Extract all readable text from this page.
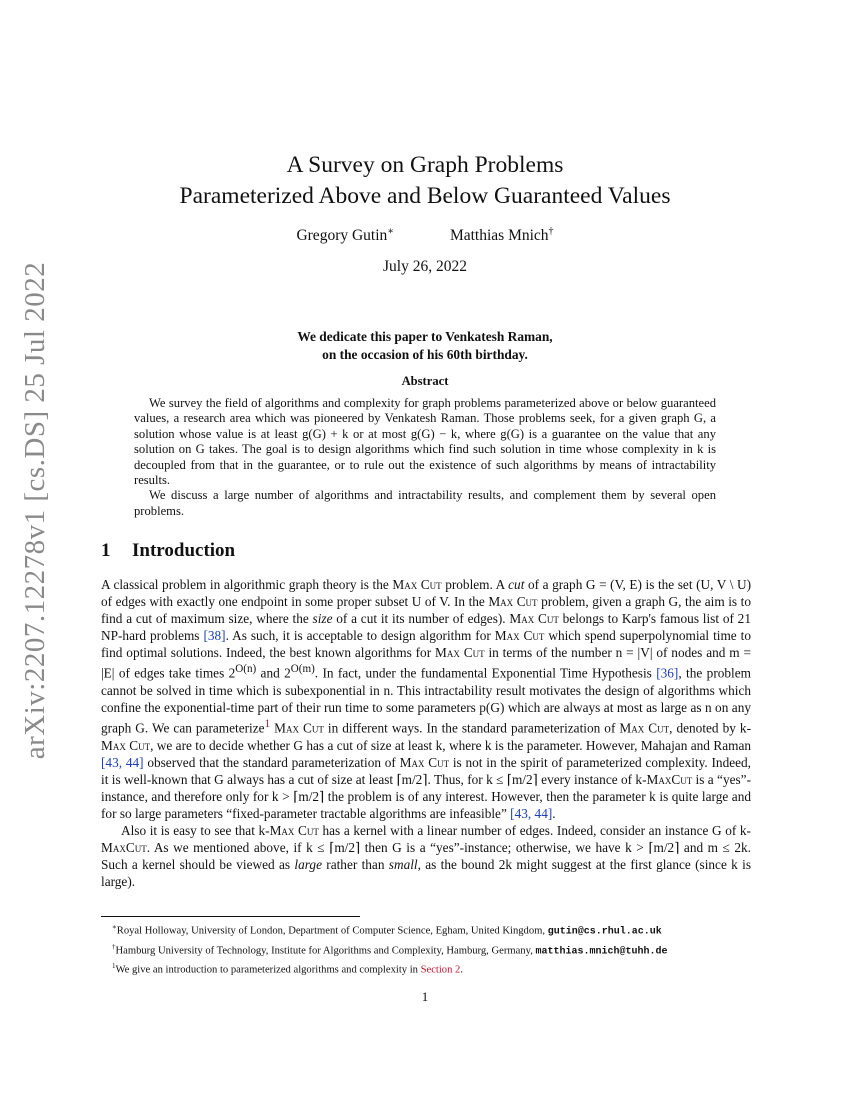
arXiv:2207.12278v1 [cs.DS] 25 Jul 2022
A Survey on Graph Problems
Parameterized Above and Below Guaranteed Values
Gregory Gutin∗	Matthias Mnich†
July 26, 2022
We dedicate this paper to Venkatesh Raman,
on the occasion of his 60th birthday.
Abstract

We survey the field of algorithms and complexity for graph problems parameterized above or below guaranteed values, a research area which was pioneered by Venkatesh Raman. Those problems seek, for a given graph G, a solution whose value is at least g(G) + k or at most g(G) − k, where g(G) is a guarantee on the value that any solution on G takes. The goal is to design algorithms which find such solution in time whose complexity in k is decoupled from that in the guarantee, or to rule out the existence of such algorithms by means of intractability results.

We discuss a large number of algorithms and intractability results, and complement them by several open problems.

1 Introduction

A classical problem in algorithmic graph theory is the Max Cut problem. A cut of a graph G = (V, E) is the set (U, V \ U) of edges with exactly one endpoint in some proper subset U of V. In the Max Cut problem, given a graph G, the aim is to find a cut of maximum size, where the size of a cut it its number of edges). Max Cut belongs to Karp's famous list of 21 NP-hard problems [38]. As such, it is acceptable to design algorithm for Max Cut which spend superpolynomial time to find optimal solutions. Indeed, the best known algorithms for Max Cut in terms of the number n = |V| of nodes and m = |E| of edges take times $2^{O(n)}$ and $2^{O(m)}$. In fact, under the fundamental Exponential Time Hypothesis [36], the problem cannot be solved in time which is subexponential in n. This intractability result motivates the design of algorithms which confine the exponential-time part of their run time to some parameters p(G) which are always at most as large as n on any graph G. We can parameterize$^1$ Max Cut in different ways. In the standard parameterization of Max Cut, denoted by k-Max Cut, we are to decide whether G has a cut of size at least k, where k is the parameter. However, Mahajan and Raman [43, 44] observed that the standard parameterization of Max Cut is not in the spirit of parameterized complexity. Indeed, it is well-known that G always has a cut of size at least ⌈m/2⌉. Thus, for k ≤ ⌈m/2⌉ every instance of k-MaxCut is a “yes”-instance, and therefore only for k > ⌈m/2⌉ the problem is of any interest. However, then the parameter k is quite large and for so large parameters “fixed-parameter tractable algorithms are infeasible” [43, 44].

Also it is easy to see that k-Max Cut has a kernel with a linear number of edges. Indeed, consider an instance G of k-MaxCut. As we mentioned above, if k ≤ ⌈m/2⌉ then G is a “yes”-instance; otherwise, we have k > ⌈m/2⌉ and m ≤ 2k. Such a kernel should be viewed as large rather than small, as the bound 2k might suggest at the first glance (since k is large).

∗Royal Holloway, University of London, Department of Computer Science, Egham, United Kingdom, gutin@cs.rhul.ac.uk
†Hamburg University of Technology, Institute for Algorithms and Complexity, Hamburg, Germany, matthias.mnich@tuhh.de
$^1$We give an introduction to parameterized algorithms and complexity in Section 2.
1
